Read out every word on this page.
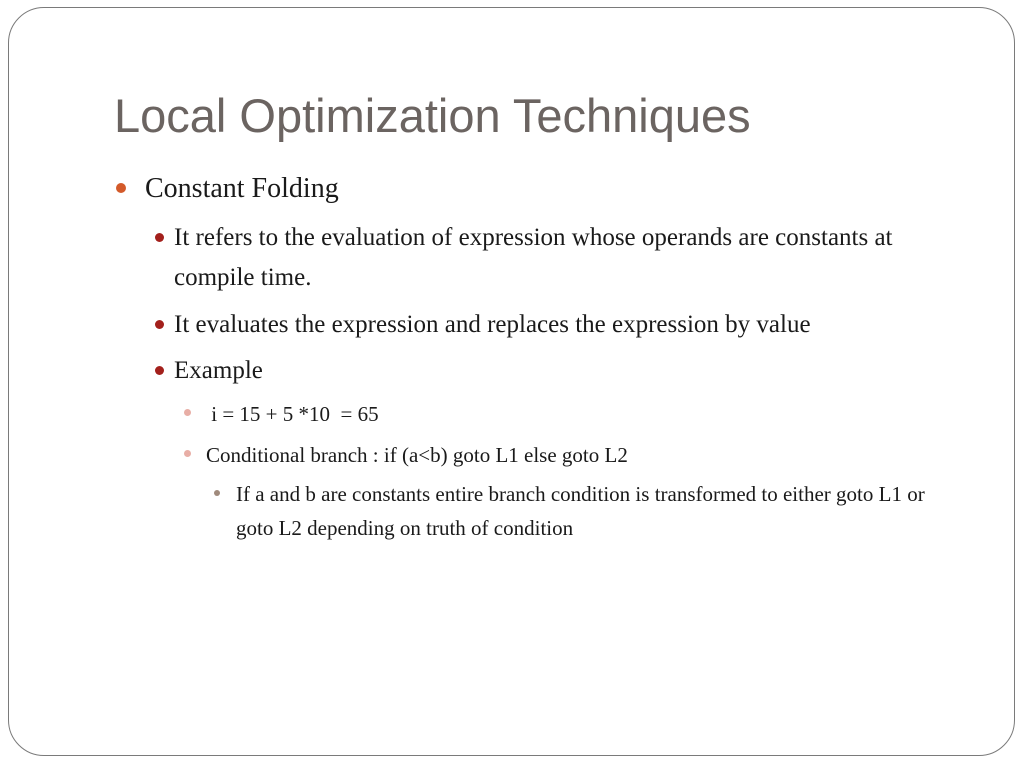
Local Optimization Techniques
Constant Folding
It refers to the evaluation of expression whose operands are constants at compile time.
It evaluates the expression and replaces the expression by value
Example
i = 15 + 5 *10  = 65
Conditional branch : if (a<b) goto L1 else goto L2
If a and b are constants entire branch condition is transformed to either goto L1 or goto L2 depending on truth of condition
